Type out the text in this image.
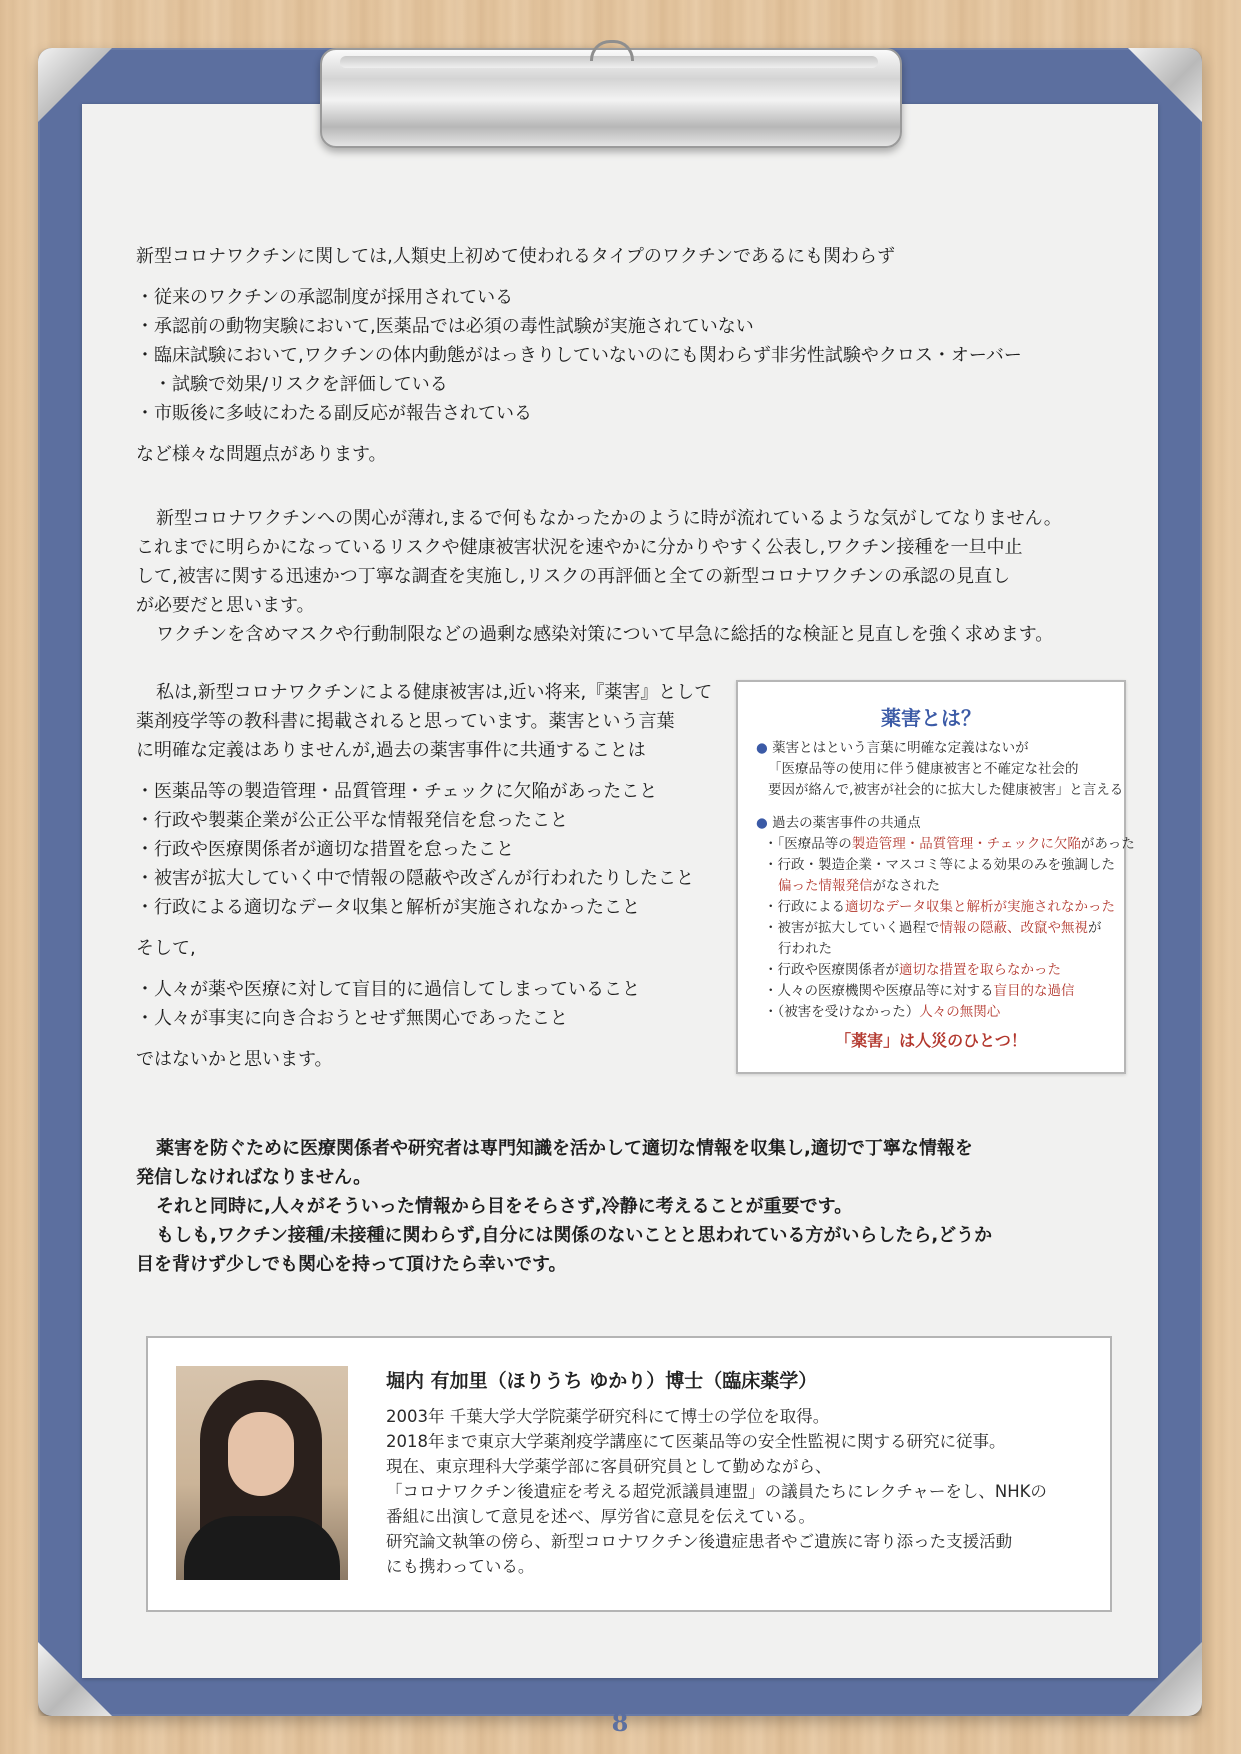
新型コロナワクチンに関しては,人類史上初めて使われるタイプのワクチンであるにも関わらず

・ 従来のワクチンの承認制度が採用されている
・ 承認前の動物実験において,医薬品では必須の毒性試験が実施されていない
・ 臨床試験において,ワクチンの体内動態がはっきりしていないのにも関わらず非劣性試験やクロス・オーバー
・ 試験で効果/リスクを評価している
・ 市販後に多岐にわたる副反応が報告されている

など様々な問題点があります。

新型コロナワクチンへの関心が薄れ,まるで何もなかったかのように時が流れているような気がしてなりません。

これまでに明らかになっているリスクや健康被害状況を速やかに分かりやすく公表し,ワクチン接種を一旦中止

して,被害に関する迅速かつ丁寧な調査を実施し,リスクの再評価と全ての新型コロナワクチンの承認の見直し

が必要だと思います。

ワクチンを含めマスクや行動制限などの過剰な感染対策について早急に総括的な検証と見直しを強く求めます。

私は,新型コロナワクチンによる健康被害は,近い将来,『薬害』として

薬剤疫学等の教科書に掲載されると思っています。薬害という言葉

に明確な定義はありませんが,過去の薬害事件に共通することは

・ 医薬品等の製造管理・品質管理・チェックに欠陥があったこと
・ 行政や製薬企業が公正公平な情報発信を怠ったこと
・ 行政や医療関係者が適切な措置を怠ったこと
・ 被害が拡大していく中で情報の隠蔽や改ざんが行われたりしたこと
・ 行政による適切なデータ収集と解析が実施されなかったこと

そして,

・ 人々が薬や医療に対して盲目的に過信してしまっていること
・ 人々が事実に向き合おうとせず無関心であったこと

ではないかと思います。

薬害とは？

● 薬害とはという言葉に明確な定義はないが

「医療品等の使用に伴う健康被害と不確定な社会的

要因が絡んで,被害が社会的に拡大した健康被害」と言える

● 過去の薬害事件の共通点

・「医療品等の製造管理・品質管理・チェックに欠陥があった

・行政・製造企業・マスコミ等による効果のみを強調した

偏った情報発信がなされた

・行政による適切なデータ収集と解析が実施されなかった

・被害が拡大していく過程で情報の隠蔽、改竄や無視が

行われた

・行政や医療関係者が適切な措置を取らなかった

・人々の医療機関や医療品等に対する盲目的な過信

・（被害を受けなかった）人々の無関心

「薬害」は人災のひとつ！

薬害を防ぐために医療関係者や研究者は専門知識を活かして適切な情報を収集し,適切で丁寧な情報を

発信しなければなりません。

それと同時に,人々がそういった情報から目をそらさず,冷静に考えることが重要です。

もしも,ワクチン接種/未接種に関わらず,自分には関係のないことと思われている方がいらしたら,どうか

目を背けず少しでも関心を持って頂けたら幸いです。

堀内 有加里（ほりうち ゆかり）博士（臨床薬学）

2003年 千葉大学大学院薬学研究科にて博士の学位を取得。

2018年まで東京大学薬剤疫学講座にて医薬品等の安全性監視に関する研究に従事。

現在、東京理科大学薬学部に客員研究員として勤めながら、

「コロナワクチン後遺症を考える超党派議員連盟」の議員たちにレクチャーをし、NHKの

番組に出演して意見を述べ、厚労省に意見を伝えている。

研究論文執筆の傍ら、新型コロナワクチン後遺症患者やご遺族に寄り添った支援活動

にも携わっている。

8
